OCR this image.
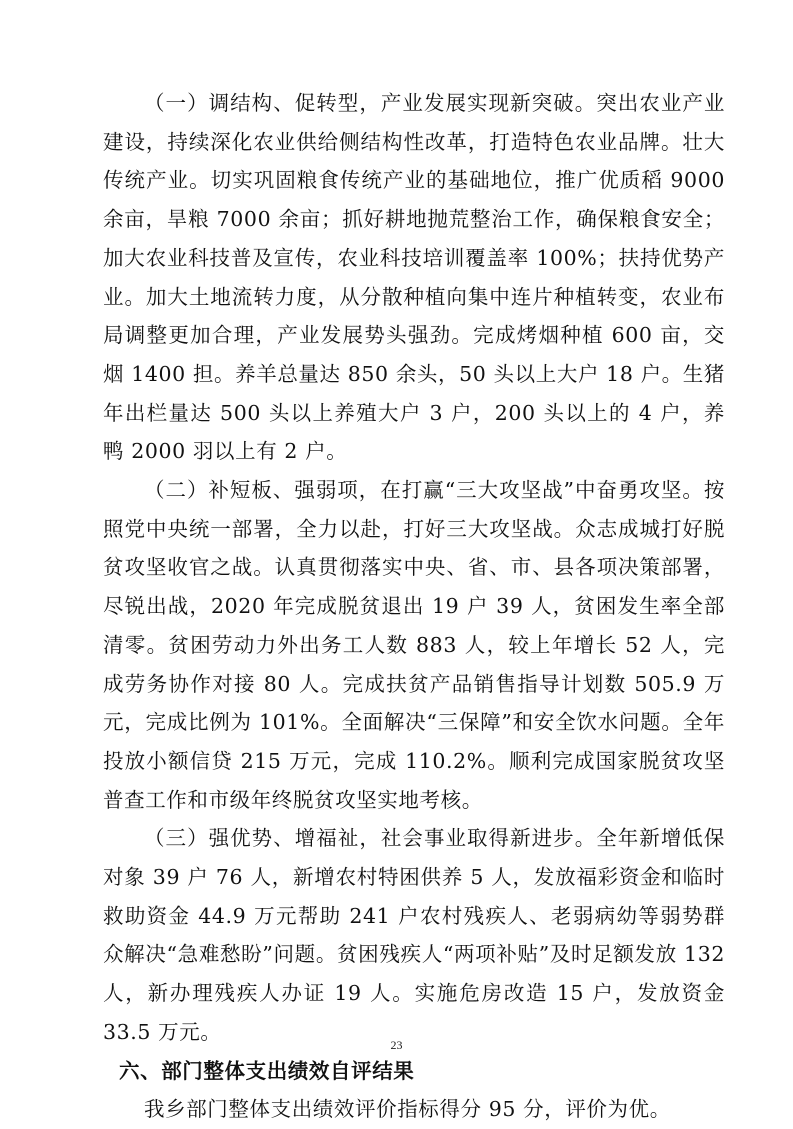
（一）调结构、促转型，产业发展实现新突破。突出农业产业建设，持续深化农业供给侧结构性改革，打造特色农业品牌。壮大传统产业。切实巩固粮食传统产业的基础地位，推广优质稻 9000 余亩，旱粮 7000 余亩；抓好耕地抛荒整治工作，确保粮食安全；加大农业科技普及宣传，农业科技培训覆盖率 100%；扶持优势产业。加大土地流转力度，从分散种植向集中连片种植转变，农业布局调整更加合理，产业发展势头强劲。完成烤烟种植 600 亩，交烟 1400 担。养羊总量达 850 余头，50 头以上大户 18 户。生猪年出栏量达 500 头以上养殖大户 3 户，200 头以上的 4 户，养鸭 2000 羽以上有 2 户。

（二）补短板、强弱项，在打赢“三大攻坚战”中奋勇攻坚。按照党中央统一部署，全力以赴，打好三大攻坚战。众志成城打好脱贫攻坚收官之战。认真贯彻落实中央、省、市、县各项决策部署，尽锐出战，2020 年完成脱贫退出 19 户 39 人，贫困发生率全部清零。贫困劳动力外出务工人数 883 人，较上年增长 52 人，完成劳务协作对接 80 人。完成扶贫产品销售指导计划数 505.9 万元，完成比例为 101%。全面解决“三保障”和安全饮水问题。全年投放小额信贷 215 万元，完成 110.2%。顺利完成国家脱贫攻坚普查工作和市级年终脱贫攻坚实地考核。

（三）强优势、增福祉，社会事业取得新进步。全年新增低保对象 39 户 76 人，新增农村特困供养 5 人，发放福彩资金和临时救助资金 44.9 万元帮助 241 户农村残疾人、老弱病幼等弱势群众解决“急难愁盼”问题。贫困残疾人“两项补贴”及时足额发放 132 人，新办理残疾人办证 19 人。实施危房改造 15 户，发放资金 33.5 万元。

六、部门整体支出绩效自评结果

我乡部门整体支出绩效评价指标得分 95 分，评价为优。

23
